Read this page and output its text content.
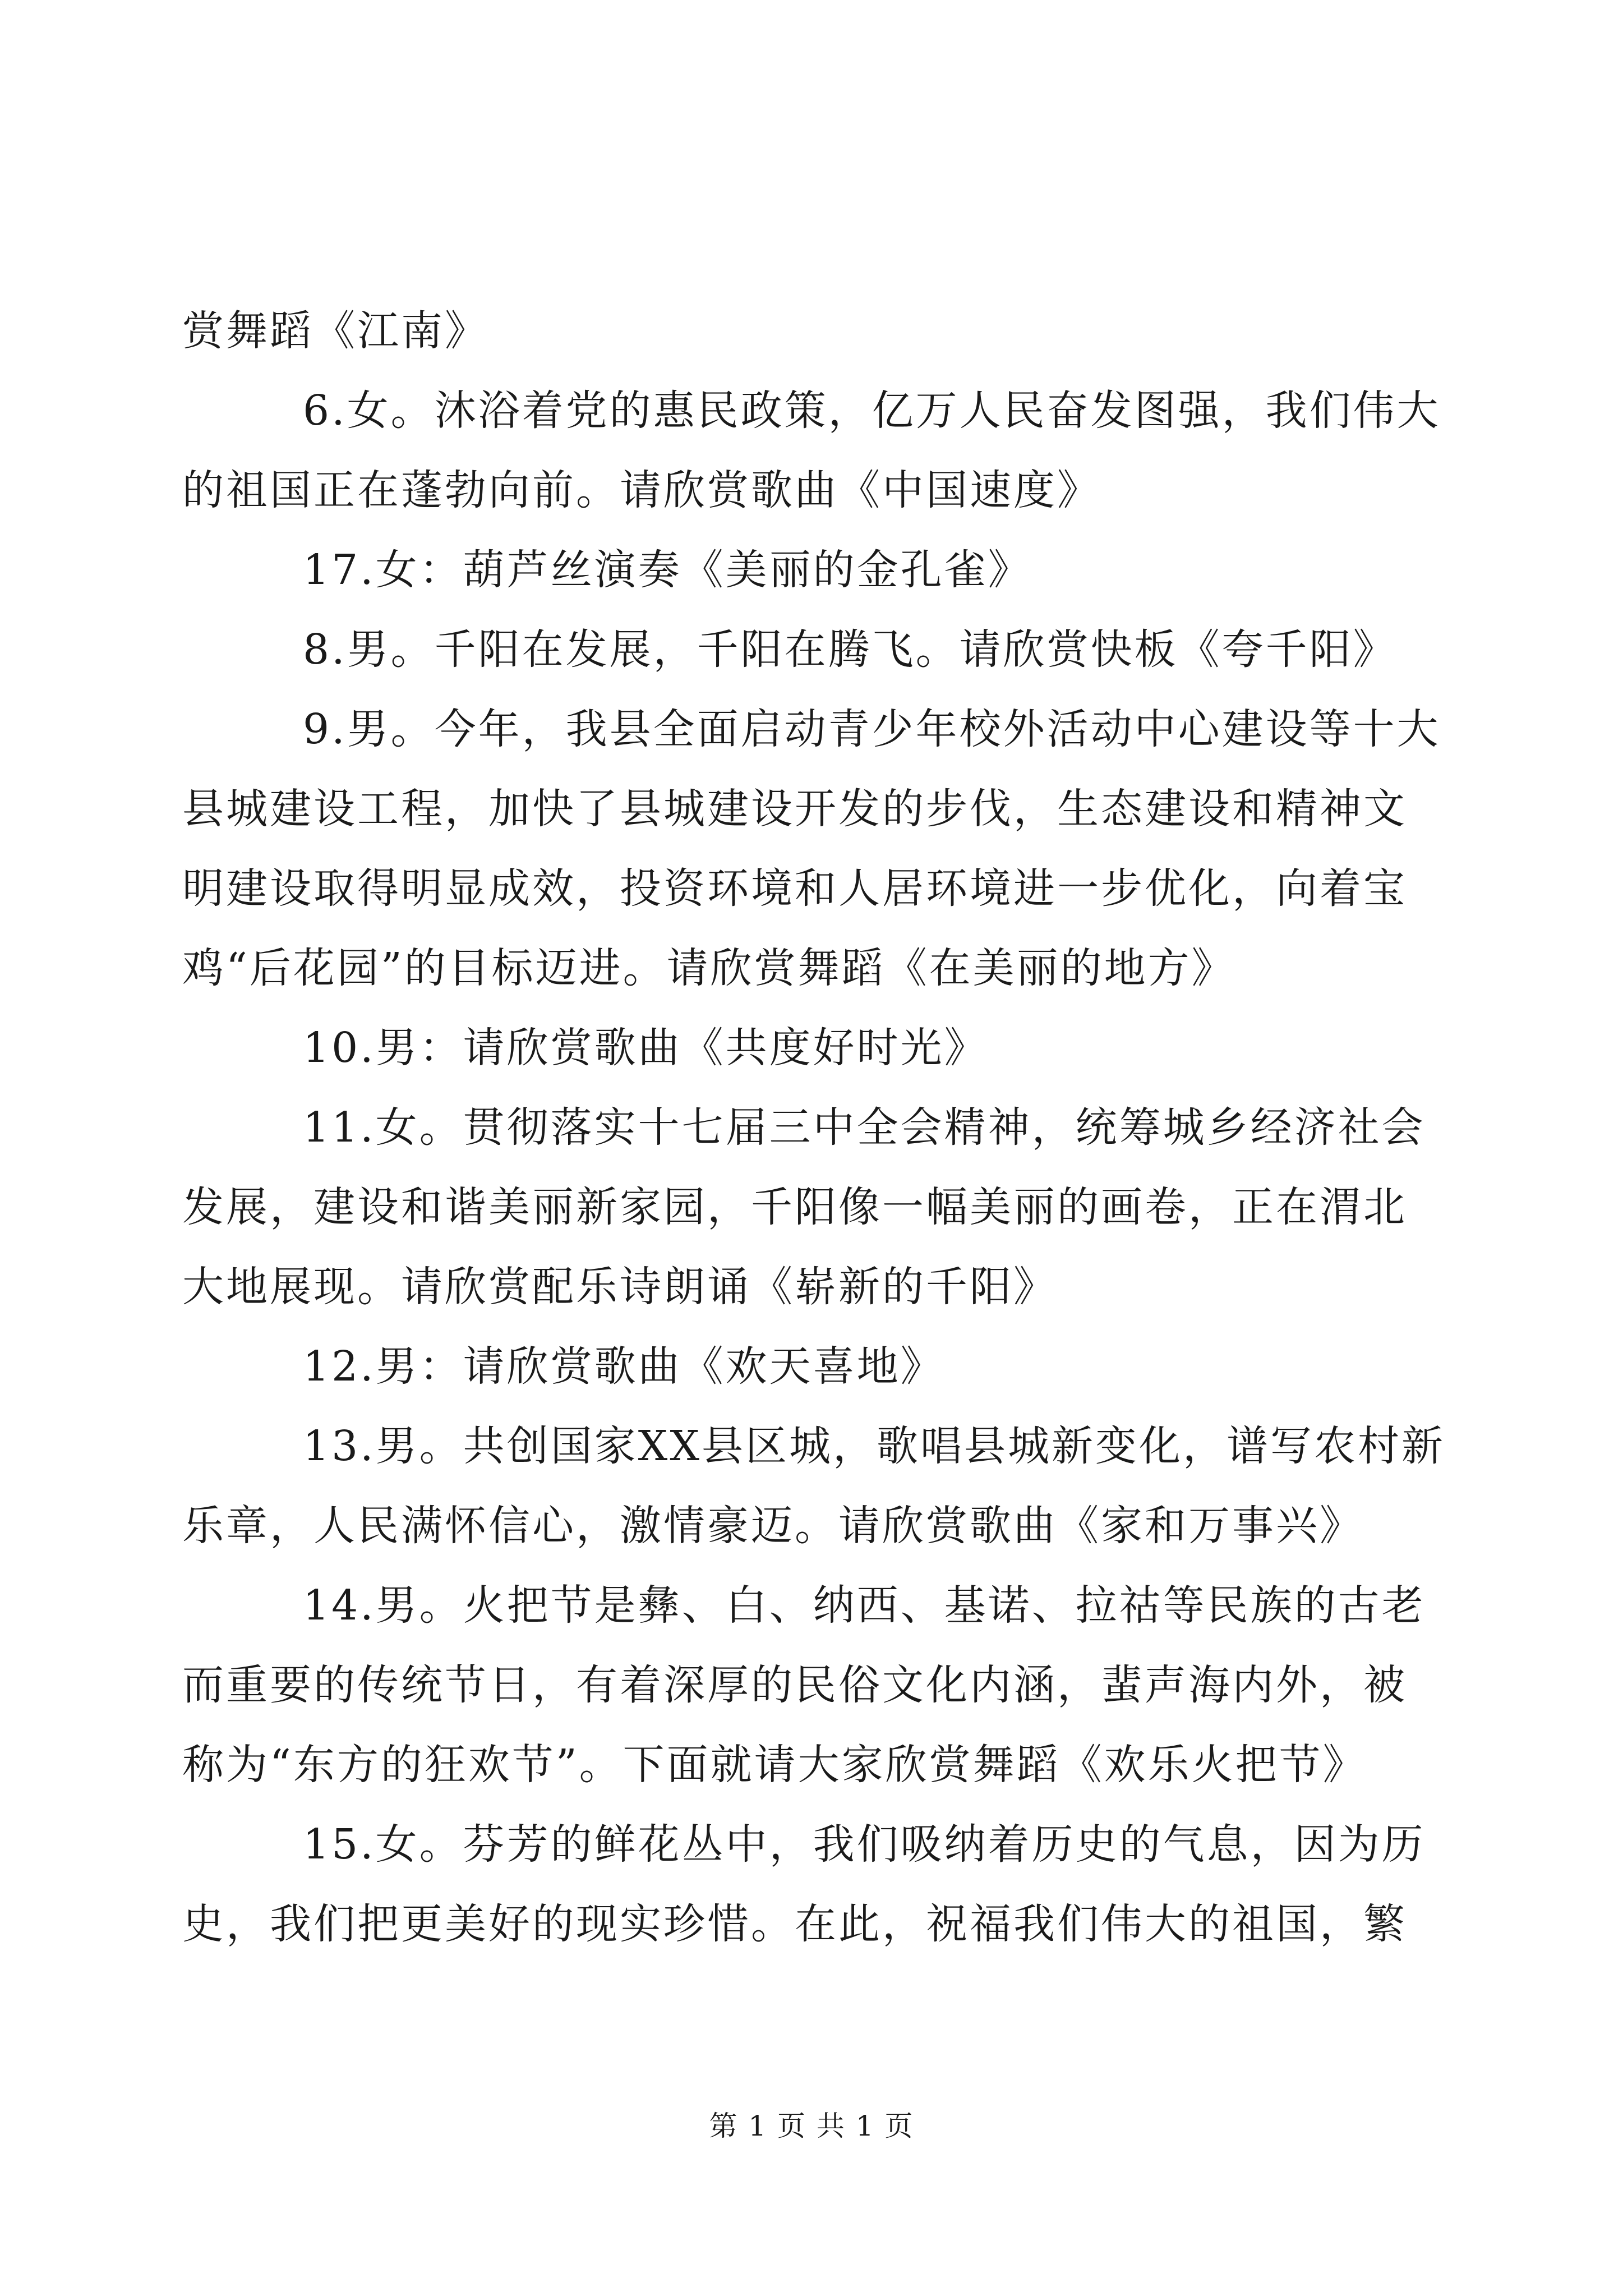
赏舞蹈《江南》
6.女。沐浴着党的惠民政策，亿万人民奋发图强，我们伟大
的祖国正在蓬勃向前。请欣赏歌曲《中国速度》
17.女：葫芦丝演奏《美丽的金孔雀》
8.男。千阳在发展，千阳在腾飞。请欣赏快板《夸千阳》
9.男。今年，我县全面启动青少年校外活动中心建设等十大
县城建设工程，加快了县城建设开发的步伐，生态建设和精神文
明建设取得明显成效，投资环境和人居环境进一步优化，向着宝
鸡“后花园”的目标迈进。请欣赏舞蹈《在美丽的地方》
10.男：请欣赏歌曲《共度好时光》
11.女。贯彻落实十七届三中全会精神，统筹城乡经济社会
发展，建设和谐美丽新家园，千阳像一幅美丽的画卷，正在渭北
大地展现。请欣赏配乐诗朗诵《崭新的千阳》
12.男：请欣赏歌曲《欢天喜地》
13.男。共创国家XX县区城，歌唱县城新变化，谱写农村新
乐章，人民满怀信心，激情豪迈。请欣赏歌曲《家和万事兴》
14.男。火把节是彝、白、纳西、基诺、拉祜等民族的古老
而重要的传统节日，有着深厚的民俗文化内涵，蜚声海内外，被
称为“东方的狂欢节”。下面就请大家欣赏舞蹈《欢乐火把节》
15.女。芬芳的鲜花丛中，我们吸纳着历史的气息，因为历
史，我们把更美好的现实珍惜。在此，祝福我们伟大的祖国，繁
第 1 页 共 1 页
